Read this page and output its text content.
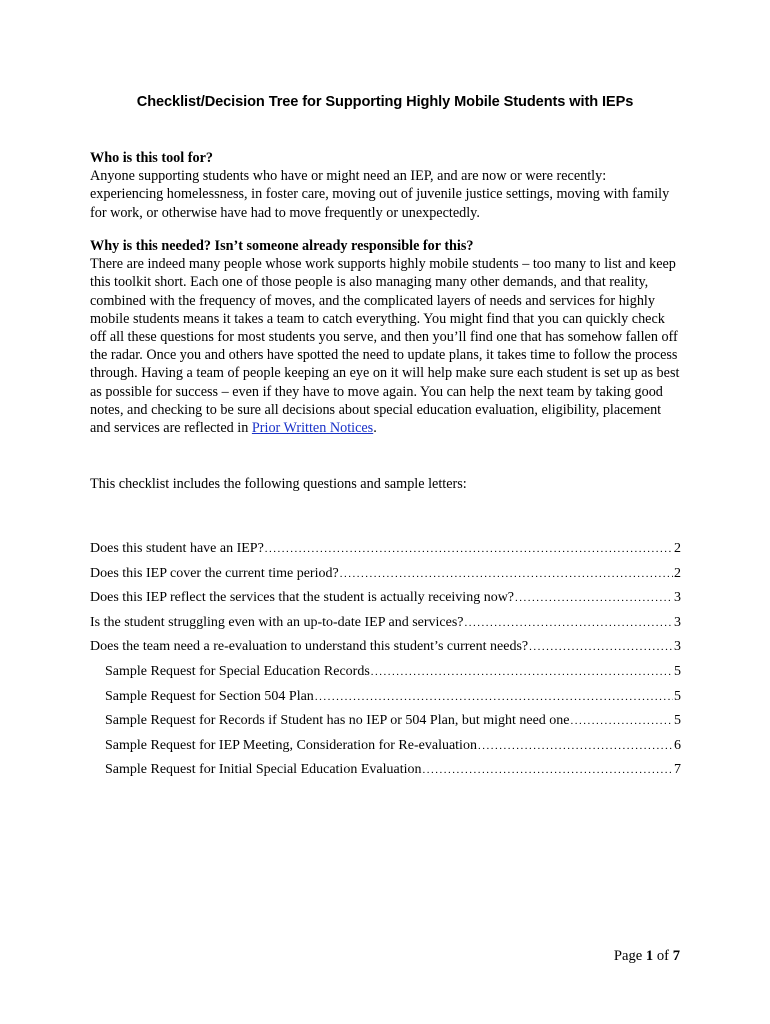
Checklist/Decision Tree for Supporting Highly Mobile Students with IEPs
Who is this tool for?

Anyone supporting students who have or might need an IEP, and are now or were recently: experiencing homelessness, in foster care, moving out of juvenile justice settings, moving with family for work, or otherwise have had to move frequently or unexpectedly.

Why is this needed? Isn’t someone already responsible for this?

There are indeed many people whose work supports highly mobile students – too many to list and keep this toolkit short. Each one of those people is also managing many other demands, and that reality, combined with the frequency of moves, and the complicated layers of needs and services for highly mobile students means it takes a team to catch everything. You might find that you can quickly check off all these questions for most students you serve, and then you’ll find one that has somehow fallen off the radar. Once you and others have spotted the need to update plans, it takes time to follow the process through. Having a team of people keeping an eye on it will help make sure each student is set up as best as possible for success – even if they have to move again. You can help the next team by taking good notes, and checking to be sure all decisions about special education evaluation, eligibility, placement and services are reflected in Prior Written Notices.

This checklist includes the following questions and sample letters:
Does this student have an IEP? .....	2
Does this IEP cover the current time period? .....	2
Does this IEP reflect the services that the student is actually receiving now? .....	3
Is the student struggling even with an up-to-date IEP and services? .....	3
Does the team need a re-evaluation to understand this student’s current needs? .....	3
Sample Request for Special Education Records .....	5
Sample Request for Section 504 Plan .....	5
Sample Request for Records if Student has no IEP or 504 Plan, but might need one .....	5
Sample Request for IEP Meeting, Consideration for Re-evaluation .....	6
Sample Request for Initial Special Education Evaluation .....	7
Page 1 of 7
